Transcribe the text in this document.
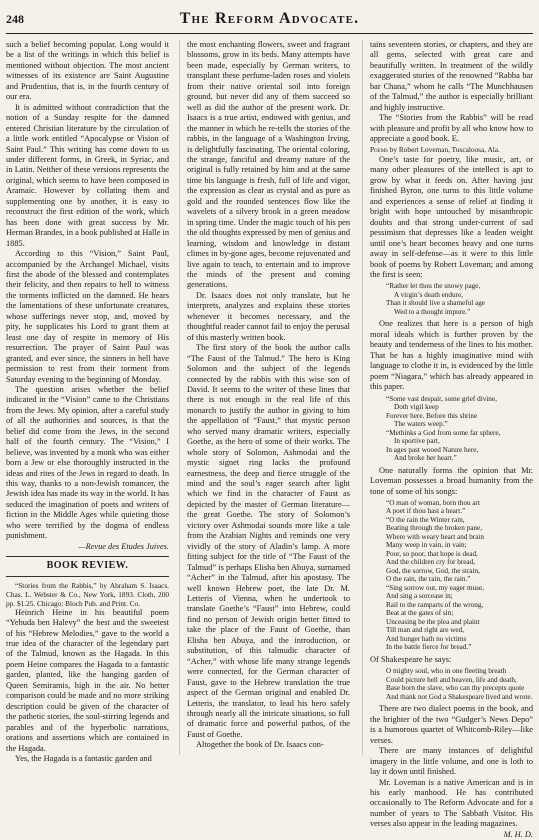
248	The Reform Advocate.

such a belief becoming popular. Long would it be a list of the writings in which this belief is mentioned without objection. The most ancient witnesses of its existence are Saint Augustine and Prudentius, that is, in the fourth century of our era.

It is admitted without contradiction that the notion of a Sunday respite for the damned entered Christian literature by the circulation of a little work entitled “Apocalypse or Vision of Saint Paul.” This writing has come down to us under different forms, in Greek, in Syriac, and in Latin. Neither of these versions represents the original, which seems to have been composed in Aramaic. However by collating them and supplementing one by another, it is easy to reconstruct the first edition of the work, which has been done with great success by Mr. Herman Brandes, in a book published at Halle in 1885.

According to this “Vision,” Saint Paul, accompanied by the Archangel Michael, visits first the abode of the blessed and contemplates their felicity, and then repairs to hell to witness the torments inflicted on the damned. He hears the lamentations of these unfortunate creatures, whose sufferings never stop, and, moved by pity, he supplicates his Lord to grant them at least one day of respite in memory of His resurrection. The prayer of Saint Paul was granted, and ever since, the sinners in hell have permission to rest from their torment from Saturday evening to the beginning of Monday.

The question arises whether the belief indicated in the “Vision” came to the Christians from the Jews. My opinion, after a careful study of all the authorities and sources, is that the belief did come from the Jews, in the second half of the fourth century. The “Vision,” I believe, was invented by a monk who was either born a Jew or else thoroughly instructed in the ideas and rites of the Jews in regard to death. In this way, thanks to a non-Jewish romancer, the Jewish idea has made its way in the world. It has seduced the imagination of poets and writers of fiction in the Middle Ages while quieting those who were terrified by the dogma of endless punishment.

—Revue des Etudes Juives.
BOOK REVIEW.

“Stories from the Rabbis,” by Abraham S. Isaacs. Chas. L. Webster & Co., New York, 1893. Cloth, 200 pp. $1.25. Chicago: Bloch Pub. and Print. Co.

Heinrich Heine in his beautiful poem “Yehuda ben Halevy” the best and the sweetest of his “Hebrew Melodies,” gave to the world a true idea of the character of the legendary part of the Talmud, known as the Hagada. In this poem Heine compares the Hagada to a fantastic garden, planted, like the hanging garden of Queen Semiramis, high in the air. No better comparison could be made and no more striking description could be given of the character of the pathetic stories, the soul-stirring legends and parables and of the hyperbolic narrations, orations and assertions which are contained in the Hagada.

Yes, the Hagada is a fantastic garden and

the most enchanting flowers, sweet and fragrant blossoms, grow in its beds. Many attempts have been made, especially by German writers, to transplant these perfume-laden roses and violets from their native oriental soil into foreign ground, but never did any of them succeed so well as did the author of the present work. Dr. Isaacs is a true artist, endowed with genius, and the manner in which he re-tells the stories of the rabbis, in the language of a Washington Irving, is delightfully fascinating. The oriental coloring, the strange, fanciful and dreamy nature of the original is fully retained by him and at the same time his language is fresh, full of life and vigor, the expression as clear as crystal and as pure as gold and the rounded sentences flow like the wavelets of a silvery brook in a green meadow in spring time. Under the magic touch of his pen the old thoughts expressed by men of genius and learning, wisdom and knowledge in distant climes in by-gone ages, become rejuvenated and live again to teach, to entertain and to improve the minds of the present and coming generations.

Dr. Isaacs does not only translate, but he interprets, analyzes and explains these stories whenever it becomes necessary, and the thoughtful reader cannot fail to enjoy the perusal of this masterly written book.

The first story of the book the author calls “The Faust of the Talmud.” The hero is King Solomon and the subject of the legends connected by the rabbis with this wise son of David. It seems to the writer of these lines that there is not enough in the real life of this monarch to justify the author in giving to him the appellation of “Faust,” that mystic person who served many dramatic writers, especially Goethe, as the hero of some of their works. The whole story of Solomon, Ashmodai and the mystic signet ring lacks the profound earnestness, the deep and fierce struggle of the mind and the soul’s eager search after light which we find in the character of Faust as depicted by the master of German literature—the great Goethe. The story of Solomon’s victory over Ashmodai sounds more like a tale from the Arabian Nights and reminds one very vividly of the story of Aladin’s lamp. A more fitting subject for the title of “The Faust of the Talmud” is perhaps Elisha ben Abuya, surnamed “Acher” in the Talmud, after his apostasy. The well known Hebrew poet, the late Dr. M. Letteris of Vienna, when he undertook to translate Goethe’s “Faust” into Hebrew, could find no person of Jewish origin better fitted to take the place of the Faust of Goethe, than Elisha ben Abuya, and the introduction, or substitution, of this talmudic character of “Acher,” with whose life many strange legends were connected, for the German character of Faust, gave to the Hebrew translation the true aspect of the German original and enabled Dr. Letteris, the translator, to lead his hero safely through nearly all the intricate situations, so full of dramatic force and powerful pathos, of the Faust of Goethe.

Altogether the book of Dr. Isaacs con-

tains seventeen stories, or chapters, and they are all gems, selected with great care and beautifully written. In treatment of the wildly exaggerated stories of the renowned “Rabba bar bar Chana,” whom he calls “The Munchhausen of the Talmud,” the author is especially brilliant and highly instructive.

The “Stories from the Rabbis” will be read with pleasure and profit by all who know how to appreciate a good book. E.

Poems by Robert Loveman, Tuscaloosa, Ala.

One’s taste for poetry, like music, art, or many other pleasures of the intellect is apt to grow by what it feeds on. After having just finished Byron, one turns to this little volume and experiences a sense of relief at finding it bright with hope untouched by misanthropic doubts and that strong under-current of sad pessimism that depresses like a leaden weight until one’s heart becomes heavy and one turns away in self-defense—as it were to this little book of poems by Robert Loveman; and among the first is seen:

“Rather let thou the snowy page,
A virgin’s death endure,
Than it should live a shameful age
Wed to a thought impure.”

One realizes that here is a person of high moral ideals which is further proven by the beauty and tenderness of the lines to his mother. That he has a highly imaginative mind with language to clothe it in, is evidenced by the little poem “Niagara,” which has already appeared in this paper.

“Some vast despair, some grief divine,
Doth vigil keep
Forever here. Before this shrine
The waters weep.”
“Methinks a God from some far sphere,
In sportive part,
In ages past wooed Nature here,
And broke her heart.”

One naturally forms the opinion that Mr. Loveman possesses a broad humanity from the tone of some of his songs:

“O man of woman, born thou art
A poet if thou hast a heart.”
“O the rain the Winter rain,
Beating through the broken pane,
Where with weary heart and brain
Many weep in vain, in vain;
Poor, so poor, that hope is dead,
And the children cry for bread,
God, the sorrow, God, the strain,
O the rain, the rain, the rain.”
“Sing sorrow out, my eager muse,
And sing a sorcease in;
Rail to the ramparts of the wrong,
Beat at the gates of sin;
Unceasing be the plea and plaint
Till man and right are wed,
And hunger hath no victims
In the battle fierce for bread.”

Of Shakespeare he says:

O mighty soul, who in one fleeting breath
Could picture hell and heaven, life and death,
Base born the slave, who can thy precepts quote
And thank not God a Shakespeare lived and wrote.

There are two dialect poems in the book, and the brighter of the two “Gudger’s News Depo” is a humorous quartet of Whitcomb-Riley—like verses.

There are many instances of delightful imagery in the little volume, and one is loth to lay it down until finished.

Mr. Loveman is a native American and is in his early manhood. He has contributed occasionally to The Reform Advocate and for a number of years to The Sabbath Visitor. His verses also appear in the leading magazines.

M. H. D.
